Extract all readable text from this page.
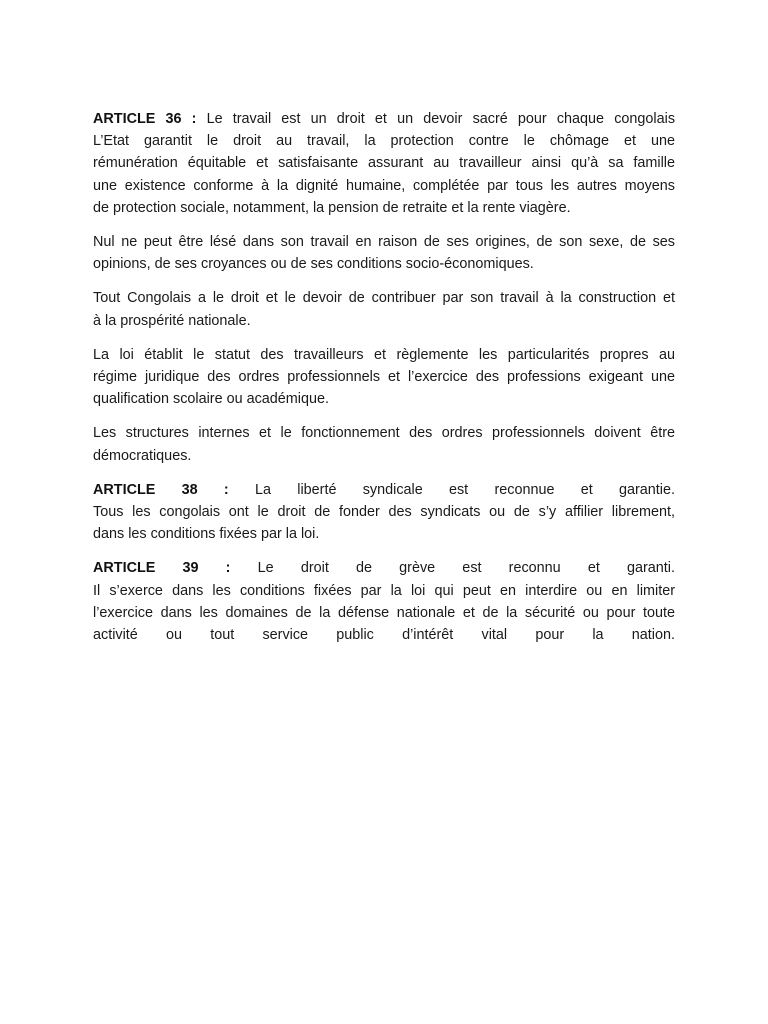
ARTICLE 36 : Le travail est un droit et un devoir sacré pour chaque congolais
L’Etat garantit le droit au travail, la protection contre le chômage et une
rémunération équitable et satisfaisante assurant au travailleur ainsi qu’à sa famille
une existence conforme à la dignité humaine, complétée par tous les autres moyens
de protection sociale, notamment, la pension de retraite et la rente viagère.
Nul ne peut être lésé dans son travail en raison de ses origines, de son sexe, de ses
opinions, de ses croyances ou de ses conditions socio-économiques.
Tout Congolais a le droit et le devoir de contribuer par son travail à la construction et
à la prospérité nationale.
La loi établit le statut des travailleurs et règlemente les particularités propres au
régime juridique des ordres professionnels et l’exercice des professions exigeant une
qualification scolaire ou académique.
Les structures internes et le fonctionnement des ordres professionnels doivent être
démocratiques.
ARTICLE 38 : La liberté syndicale est reconnue et garantie.
Tous les congolais ont le droit de fonder des syndicats ou de s’y affilier librement,
dans les conditions fixées par la loi.
ARTICLE 39 : Le droit de grève est reconnu et garanti.
Il s’exerce dans les conditions fixées par la loi qui peut en interdire ou en limiter
l’exercice dans les domaines de la défense nationale et de la sécurité ou pour toute
activité ou tout service public d’intérêt vital pour la nation.
